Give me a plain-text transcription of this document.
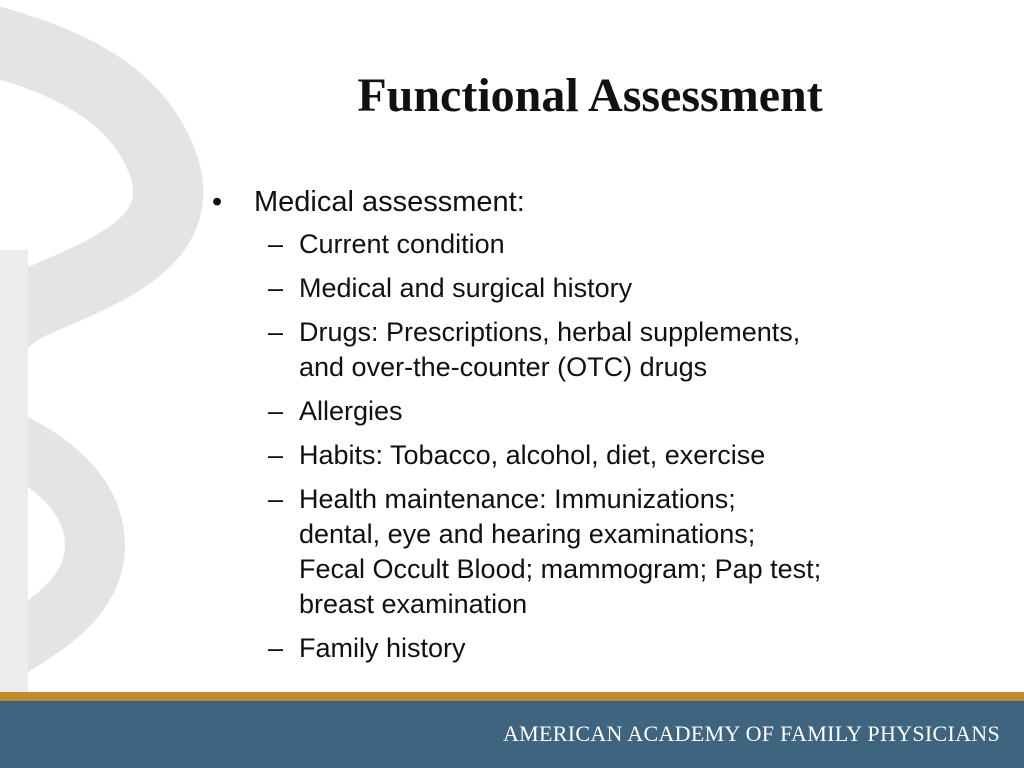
Functional Assessment
• Medical assessment:
– Current condition
– Medical and surgical history
– Drugs: Prescriptions, herbal supplements,
and over-the-counter (OTC) drugs
– Allergies
– Habits: Tobacco, alcohol, diet, exercise
– Health maintenance: Immunizations;
dental, eye and hearing examinations;
Fecal Occult Blood; mammogram; Pap test;
breast examination
– Family history
AMERICAN ACADEMY OF FAMILY PHYSICIANS
